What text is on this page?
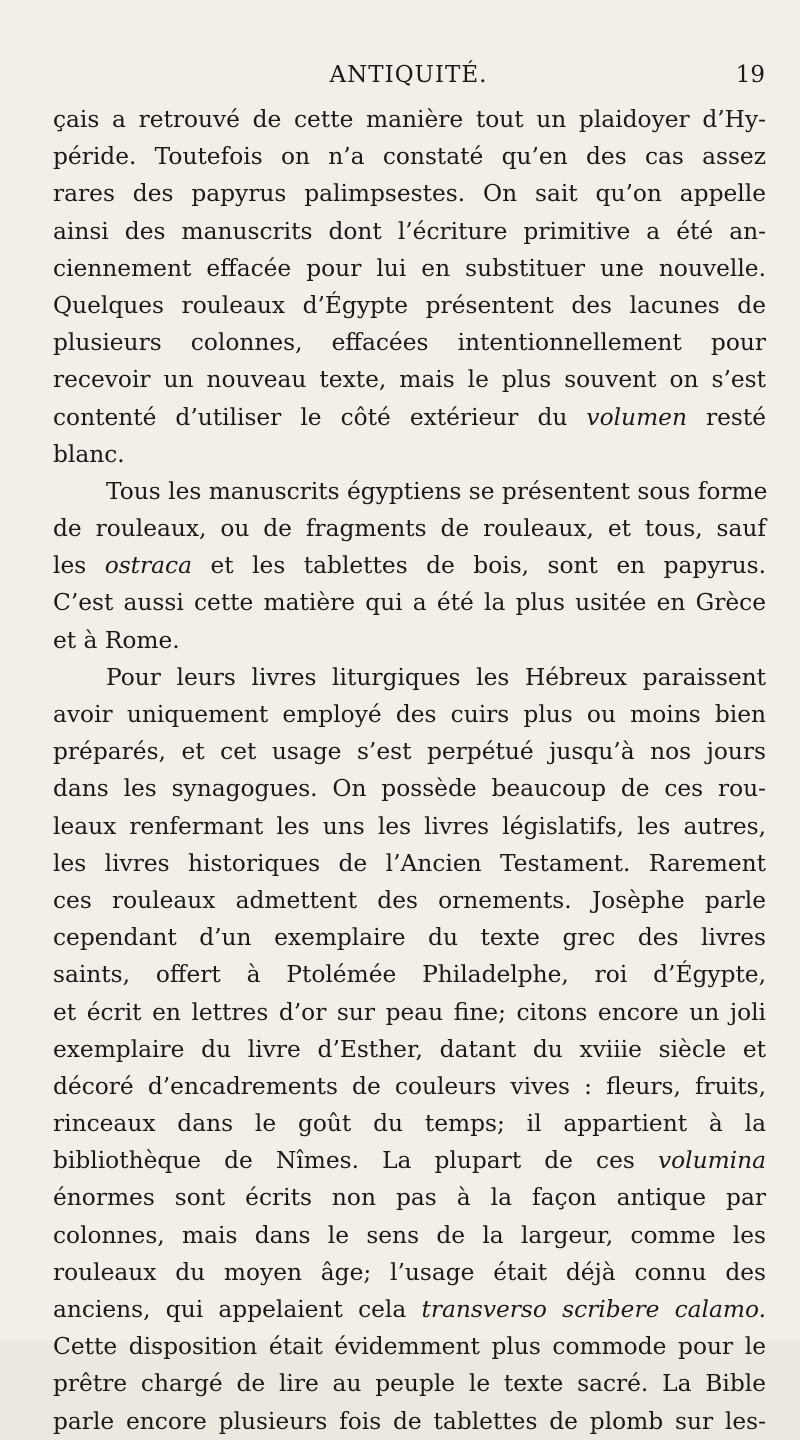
ANTIQUITÉ.	19
çais a retrouvé de cette manière tout un plaidoyer d’Hy-
péride. Toutefois on n’a constaté qu’en des cas assez
rares des papyrus palimpsestes. On sait qu’on appelle
ainsi des manuscrits dont l’écriture primitive a été an-
ciennement effacée pour lui en substituer une nouvelle.
Quelques rouleaux d’Égypte présentent des lacunes de
plusieurs colonnes, effacées intentionnellement pour
recevoir un nouveau texte, mais le plus souvent on s’est
contenté d’utiliser le côté extérieur du volumen resté
blanc.
Tous les manuscrits égyptiens se présentent sous forme
de rouleaux, ou de fragments de rouleaux, et tous, sauf
les ostraca et les tablettes de bois, sont en papyrus.
C’est aussi cette matière qui a été la plus usitée en Grèce
et à Rome.
Pour leurs livres liturgiques les Hébreux paraissent
avoir uniquement employé des cuirs plus ou moins bien
préparés, et cet usage s’est perpétué jusqu’à nos jours
dans les synagogues. On possède beaucoup de ces rou-
leaux renfermant les uns les livres législatifs, les autres,
les livres historiques de l’Ancien Testament. Rarement
ces rouleaux admettent des ornements. Josèphe parle
cependant d’un exemplaire du texte grec des livres
saints, offert à Ptolémée Philadelphe, roi d’Égypte,
et écrit en lettres d’or sur peau fine; citons encore un joli
exemplaire du livre d’Esther, datant du xviiie siècle et
décoré d’encadrements de couleurs vives : fleurs, fruits,
rinceaux dans le goût du temps; il appartient à la
bibliothèque de Nîmes. La plupart de ces volumina
énormes sont écrits non pas à la façon antique par
colonnes, mais dans le sens de la largeur, comme les
rouleaux du moyen âge; l’usage était déjà connu des
anciens, qui appelaient cela transverso scribere calamo.
Cette disposition était évidemment plus commode pour le
prêtre chargé de lire au peuple le texte sacré. La Bible
parle encore plusieurs fois de tablettes de plomb sur les-
